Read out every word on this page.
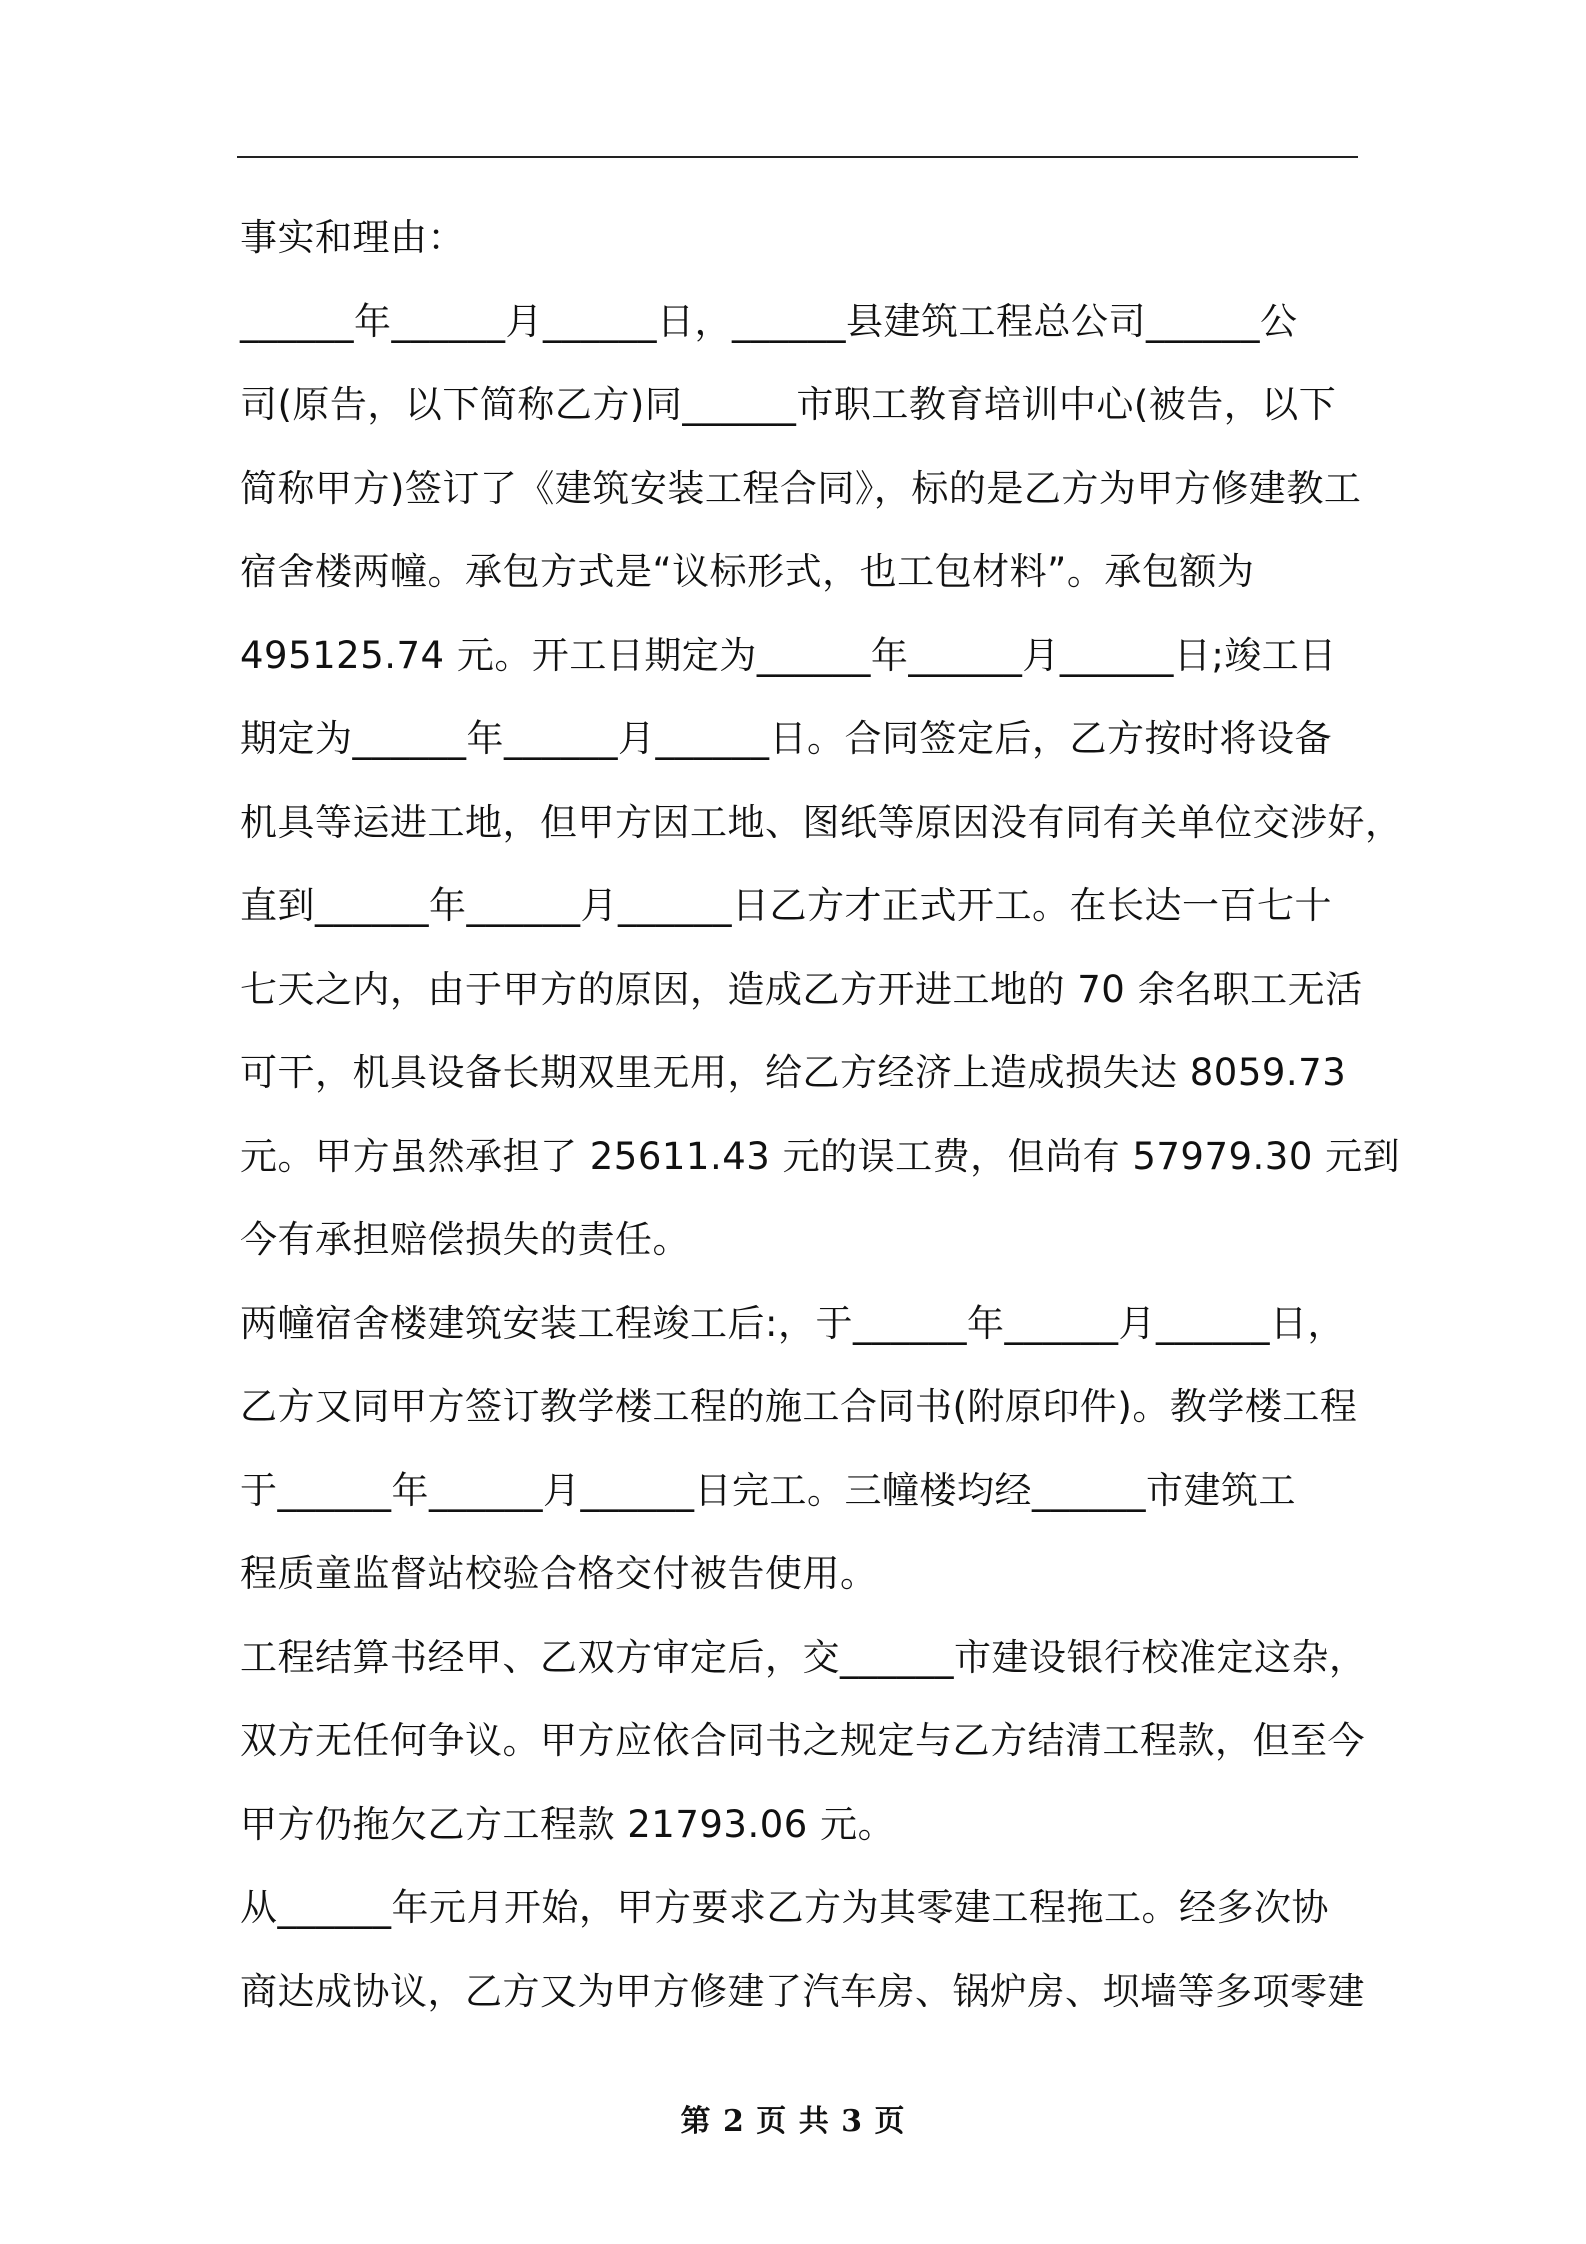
事实和理由：
______年______月______日，______县建筑工程总公司______公
司(原告，以下简称乙方)同______市职工教育培训中心(被告，以下
简称甲方)签订了《建筑安装工程合同》，标的是乙方为甲方修建教工
宿舍楼两幢。承包方式是“议标形式，也工包材料”。承包额为
495125.74 元。开工日期定为______年______月______日;竣工日
期定为______年______月______日。合同签定后，乙方按时将设备
机具等运进工地，但甲方因工地、图纸等原因没有同有关单位交涉好，
直到______年______月______日乙方才正式开工。在长达一百七十
七天之内，由于甲方的原因，造成乙方开进工地的 70 余名职工无活
可干，机具设备长期双里无用，给乙方经济上造成损失达 8059.73
元。甲方虽然承担了 25611.43 元的误工费，但尚有 57979.30 元到
今有承担赔偿损失的责任。
两幢宿舍楼建筑安装工程竣工后:，于______年______月______日，
乙方又同甲方签订教学楼工程的施工合同书(附原印件)。教学楼工程
于______年______月______日完工。三幢楼均经______市建筑工
程质童监督站校验合格交付被告使用。
工程结算书经甲、乙双方审定后，交______市建设银行校准定这杂，
双方无任何争议。甲方应依合同书之规定与乙方结清工程款，但至今
甲方仍拖欠乙方工程款 21793.06 元。
从______年元月开始，甲方要求乙方为其零建工程拖工。经多次协
商达成协议，乙方又为甲方修建了汽车房、锅炉房、坝墙等多项零建
第 2 页 共 3 页
